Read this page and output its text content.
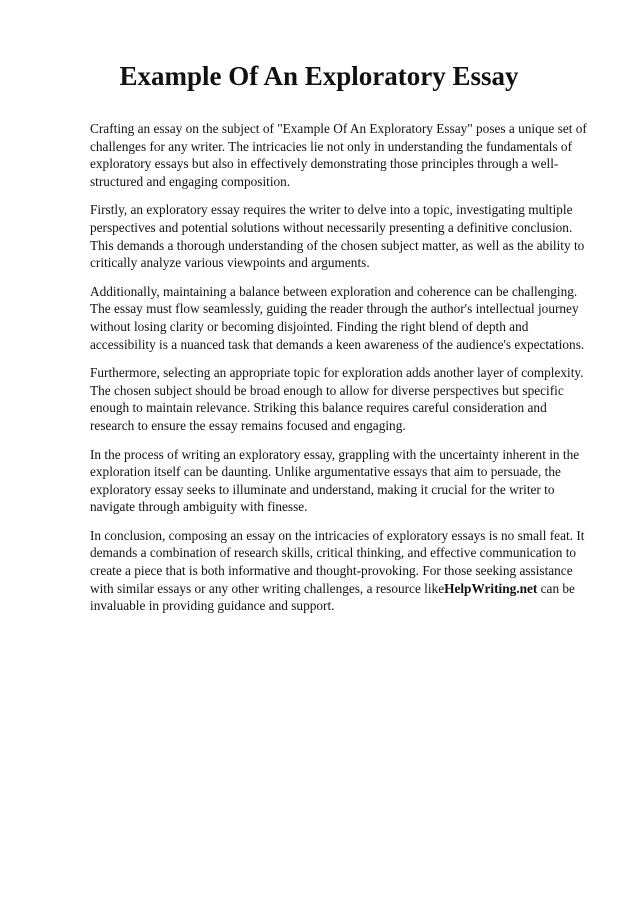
Example Of An Exploratory Essay

Crafting an essay on the subject of "Example Of An Exploratory Essay" poses a unique set of challenges for any writer. The intricacies lie not only in understanding the fundamentals of exploratory essays but also in effectively demonstrating those principles through a well-structured and engaging composition.

Firstly, an exploratory essay requires the writer to delve into a topic, investigating multiple perspectives and potential solutions without necessarily presenting a definitive conclusion. This demands a thorough understanding of the chosen subject matter, as well as the ability to critically analyze various viewpoints and arguments.

Additionally, maintaining a balance between exploration and coherence can be challenging. The essay must flow seamlessly, guiding the reader through the author's intellectual journey without losing clarity or becoming disjointed. Finding the right blend of depth and accessibility is a nuanced task that demands a keen awareness of the audience's expectations.

Furthermore, selecting an appropriate topic for exploration adds another layer of complexity. The chosen subject should be broad enough to allow for diverse perspectives but specific enough to maintain relevance. Striking this balance requires careful consideration and research to ensure the essay remains focused and engaging.

In the process of writing an exploratory essay, grappling with the uncertainty inherent in the exploration itself can be daunting. Unlike argumentative essays that aim to persuade, the exploratory essay seeks to illuminate and understand, making it crucial for the writer to navigate through ambiguity with finesse.

In conclusion, composing an essay on the intricacies of exploratory essays is no small feat. It demands a combination of research skills, critical thinking, and effective communication to create a piece that is both informative and thought-provoking. For those seeking assistance with similar essays or any other writing challenges, a resource likeHelpWriting.net can be invaluable in providing guidance and support.
